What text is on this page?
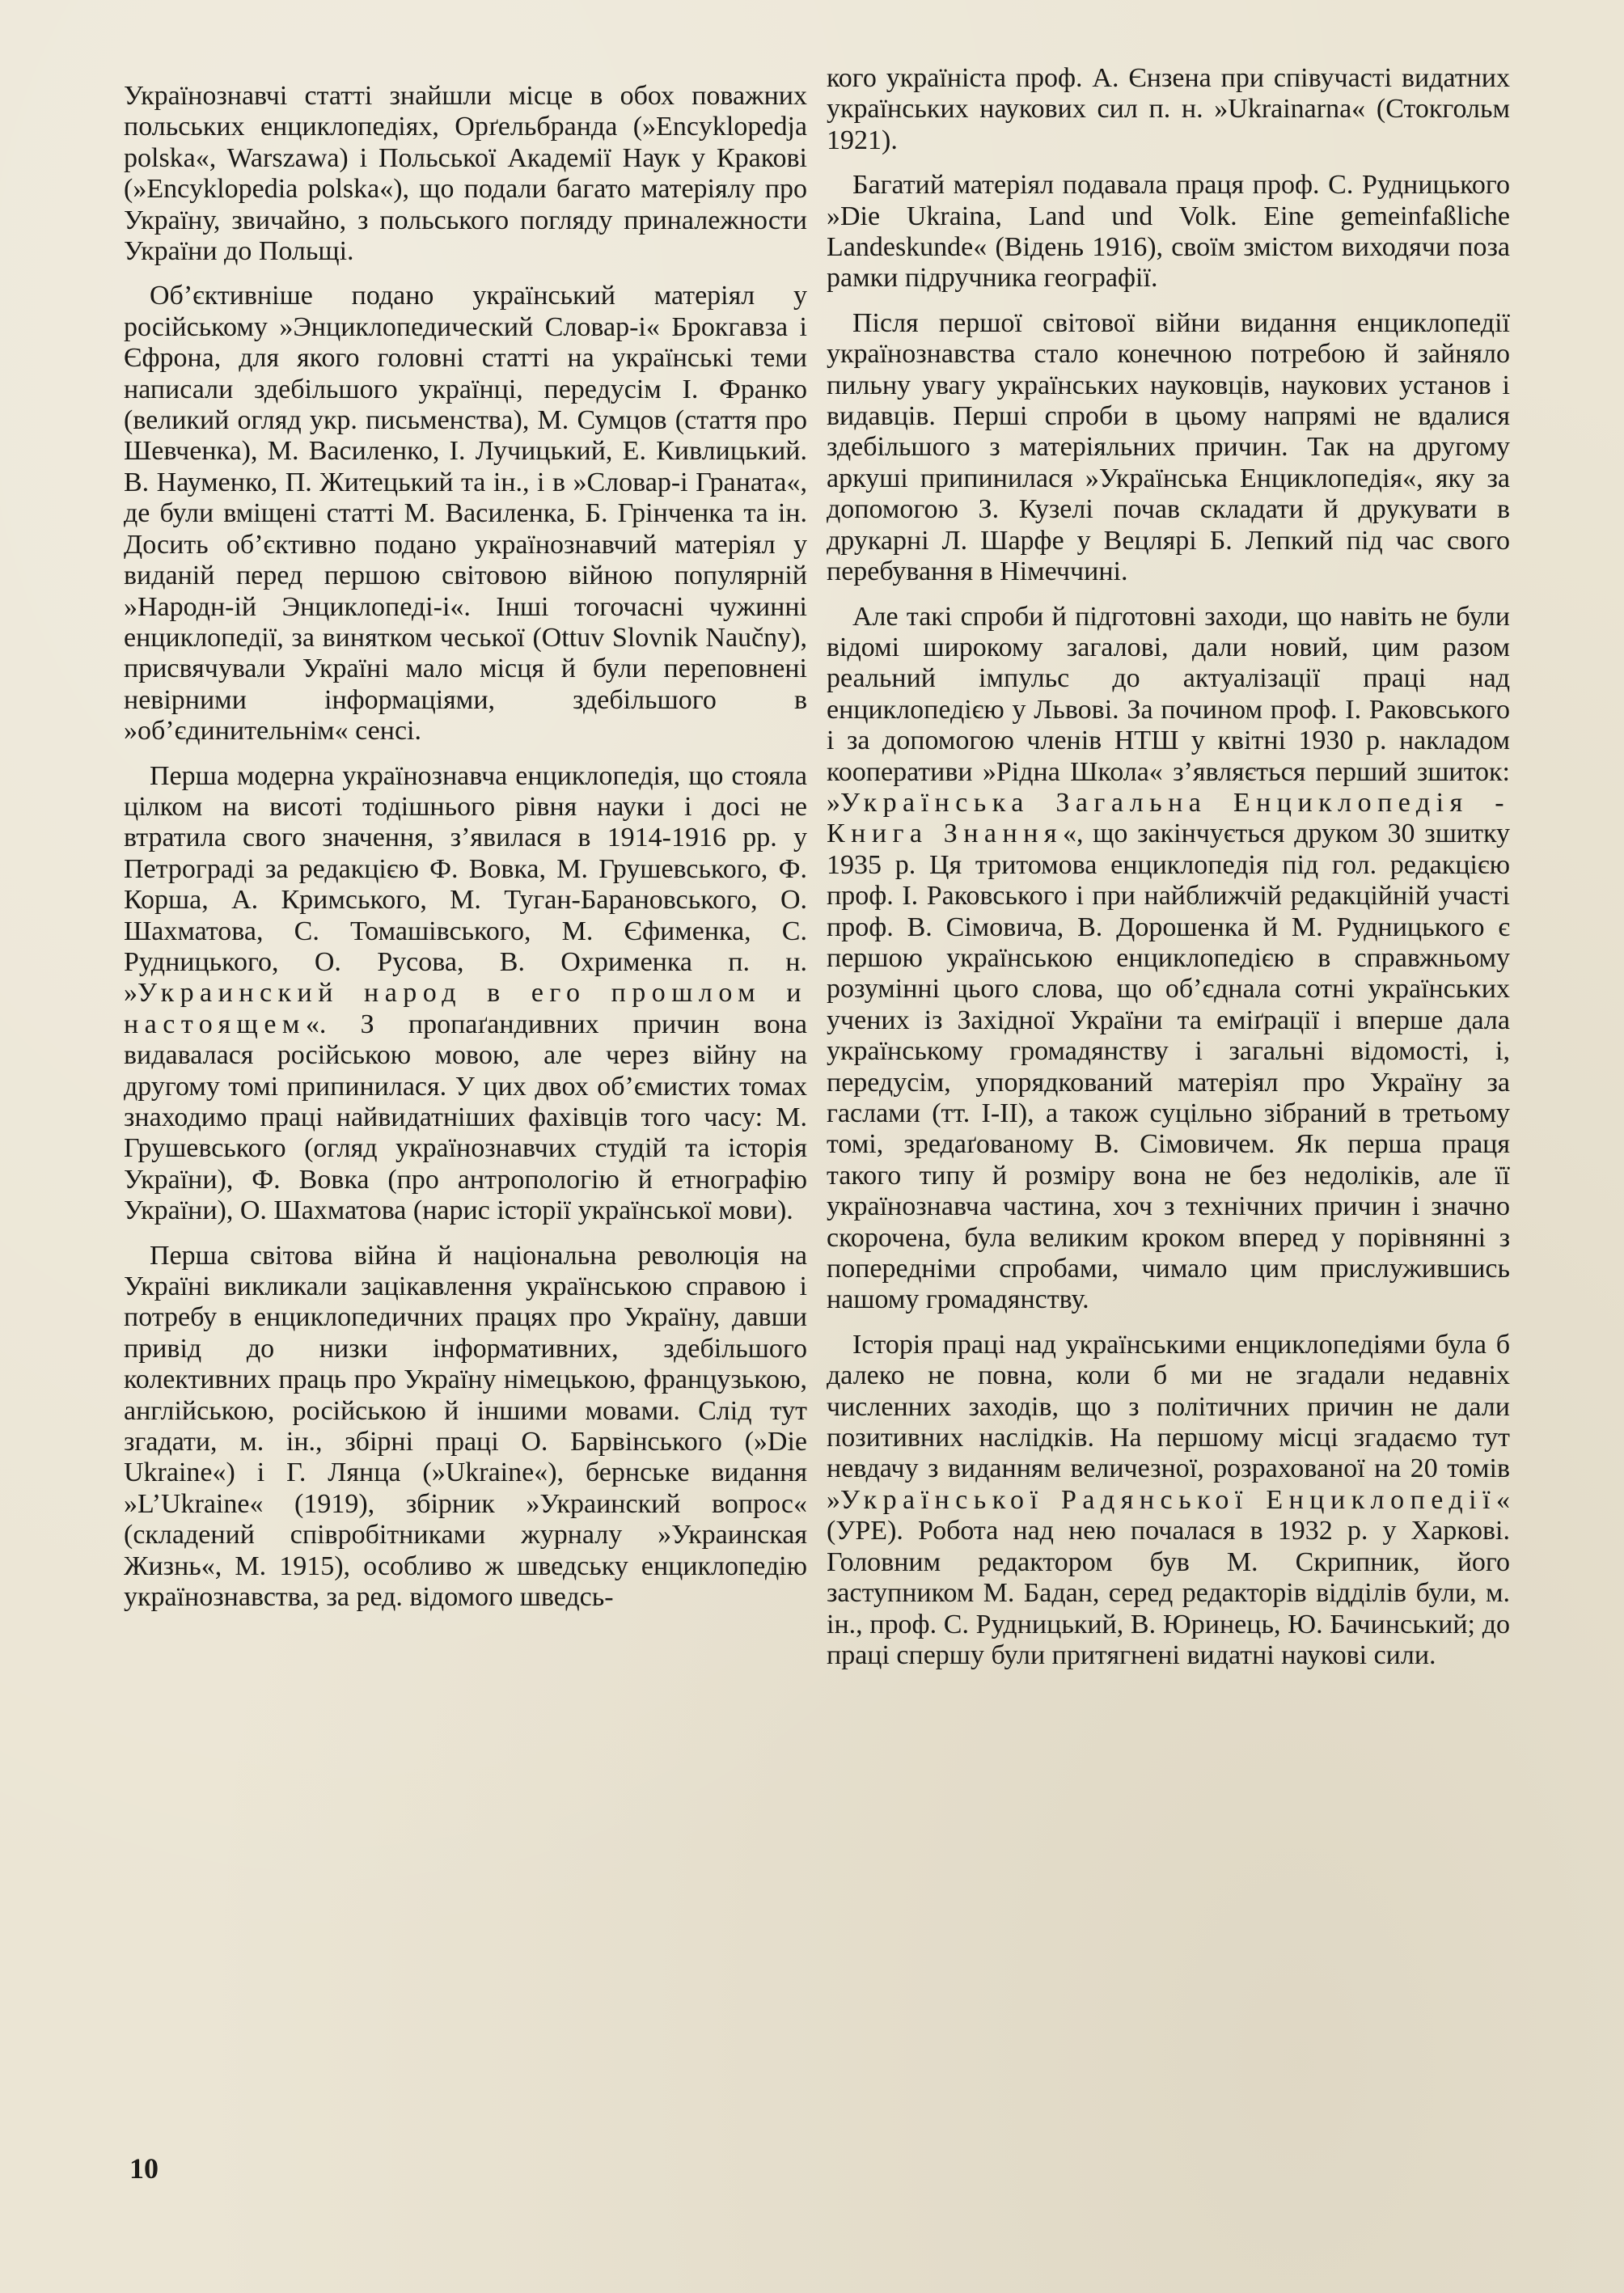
Українознавчі статті знайшли місце в обох поважних польських енциклопедіях, Орґельбранда (»Encyklopedja polska«, Warszawa) і Польської Академії Наук у Кракові (»Encyklopedia polska«), що подали багато матеріялу про Україну, звичайно, з польського погляду приналежности України до Польщі.

Об’єктивніше подано український матеріял у російському »Энциклопедический Словар-і« Брокгавза і Єфрона, для якого головні статті на українські теми написали здебільшого українці, передусім І. Франко (великий огляд укр. письменства), М. Сумцов (стаття про Шевченка), М. Василенко, І. Лучицький, Е. Кивлицький. В. Науменко, П. Житецький та ін., і в »Словар-і Граната«, де були вміщені статті М. Василенка, Б. Грінченка та ін. Досить об’єктивно подано українознавчий матеріял у виданій перед першою світовою війною популярній »Народн-ій Энциклопеді-і«. Інші тогочасні чужинні енциклопедії, за винятком чеської (Ottuv Slovnik Naučny), присвячували Україні мало місця й були переповнені невірними інформаціями, здебільшого в »об’єдинительнім« сенсі.

Перша модерна українознавча енциклопедія, що стояла цілком на висоті тодішнього рівня науки і досі не втратила свого значення, з’явилася в 1914-1916 рр. у Петрограді за редакцією Ф. Вовка, М. Грушевського, Ф. Корша, А. Кримського, М. Туган-Барановського, О. Шахматова, С. Томашівського, М. Єфименка, С. Рудницького, О. Русова, В. Охрименка п. н. »Украинский народ в его прошлом и настоящем«. З пропаґандивних причин вона видавалася російською мовою, але через війну на другому томі припинилася. У цих двох об’ємистих томах знаходимо праці найвидатніших фахівців того часу: М. Грушевського (огляд українознавчих студій та історія України), Ф. Вовка (про антропологію й етнографію України), О. Шахматова (нарис історії української мови).

Перша світова війна й національна революція на Україні викликали зацікавлення українською справою і потребу в енциклопедичних працях про Україну, давши привід до низки інформативних, здебільшого колективних праць про Україну німецькою, французькою, англійською, російською й іншими мовами. Слід тут згадати, м. ін., збірні праці О. Барвінського (»Die Ukraine«) і Г. Лянца (»Ukraine«), бернське видання »L’Ukraine« (1919), збірник »Украинский вопрос« (складений співробітниками журналу »Украинская Жизнь«, М. 1915), особливо ж шведську енциклопедію українознавства, за ред. відомого шведсь-

кого україніста проф. А. Єнзена при співучасті видатних українських наукових сил п. н. »Ukrainarna« (Стокгольм 1921).

Багатий матеріял подавала праця проф. С. Рудницького »Die Ukraina, Land und Volk. Eine gemeinfaßliche Landeskunde« (Відень 1916), своїм змістом виходячи поза рамки підручника географії.

Після першої світової війни видання енциклопедії українознавства стало конечною потребою й зайняло пильну увагу українських науковців, наукових установ і видавців. Перші спроби в цьому напрямі не вдалися здебільшого з матеріяльних причин. Так на другому аркуші припинилася »Українська Енциклопедія«, яку за допомогою З. Кузелі почав складати й друкувати в друкарні Л. Шарфе у Вецлярі Б. Лепкий під час свого перебування в Німеччині.

Але такі спроби й підготовні заходи, що навіть не були відомі широкому загалові, дали новий, цим разом реальний імпульс до актуалізації праці над енциклопедією у Львові. За почином проф. І. Раковського і за допомогою членів НТШ у квітні 1930 р. накладом кооперативи »Рідна Школа« з’являється перший зшиток: »Українська Загальна Енциклопедія - Книга Знання«, що закінчується друком 30 зшитку 1935 р. Ця тритомова енциклопедія під гол. редакцією проф. І. Раковського і при найближчій редакційній участі проф. В. Сімовича, В. Дорошенка й М. Рудницького є першою українською енциклопедією в справжньому розумінні цього слова, що об’єднала сотні українських учених із Західної України та еміґрації і вперше дала українському громадянству і загальні відомості, і, передусім, упорядкований матеріял про Україну за гаслами (тт. І-ІІ), а також суцільно зібраний в третьому томі, зредаґованому В. Сімовичем. Як перша праця такого типу й розміру вона не без недоліків, але її українознавча частина, хоч з технічних причин і значно скорочена, була великим кроком вперед у порівнянні з попередніми спробами, чимало цим прислужившись нашому громадянству.

Історія праці над українськими енциклопедіями була б далеко не повна, коли б ми не згадали недавніх численних заходів, що з політичних причин не дали позитивних наслідків. На першому місці згадаємо тут невдачу з виданням величезної, розрахованої на 20 томів »Української Радянської Енциклопедії« (УРЕ). Робота над нею почалася в 1932 р. у Харкові. Головним редактором був М. Скрипник, його заступником М. Бадан, серед редакторів відділів були, м. ін., проф. С. Рудницький, В. Юринець, Ю. Бачинський; до праці спершу були притягнені видатні наукові сили.

10
